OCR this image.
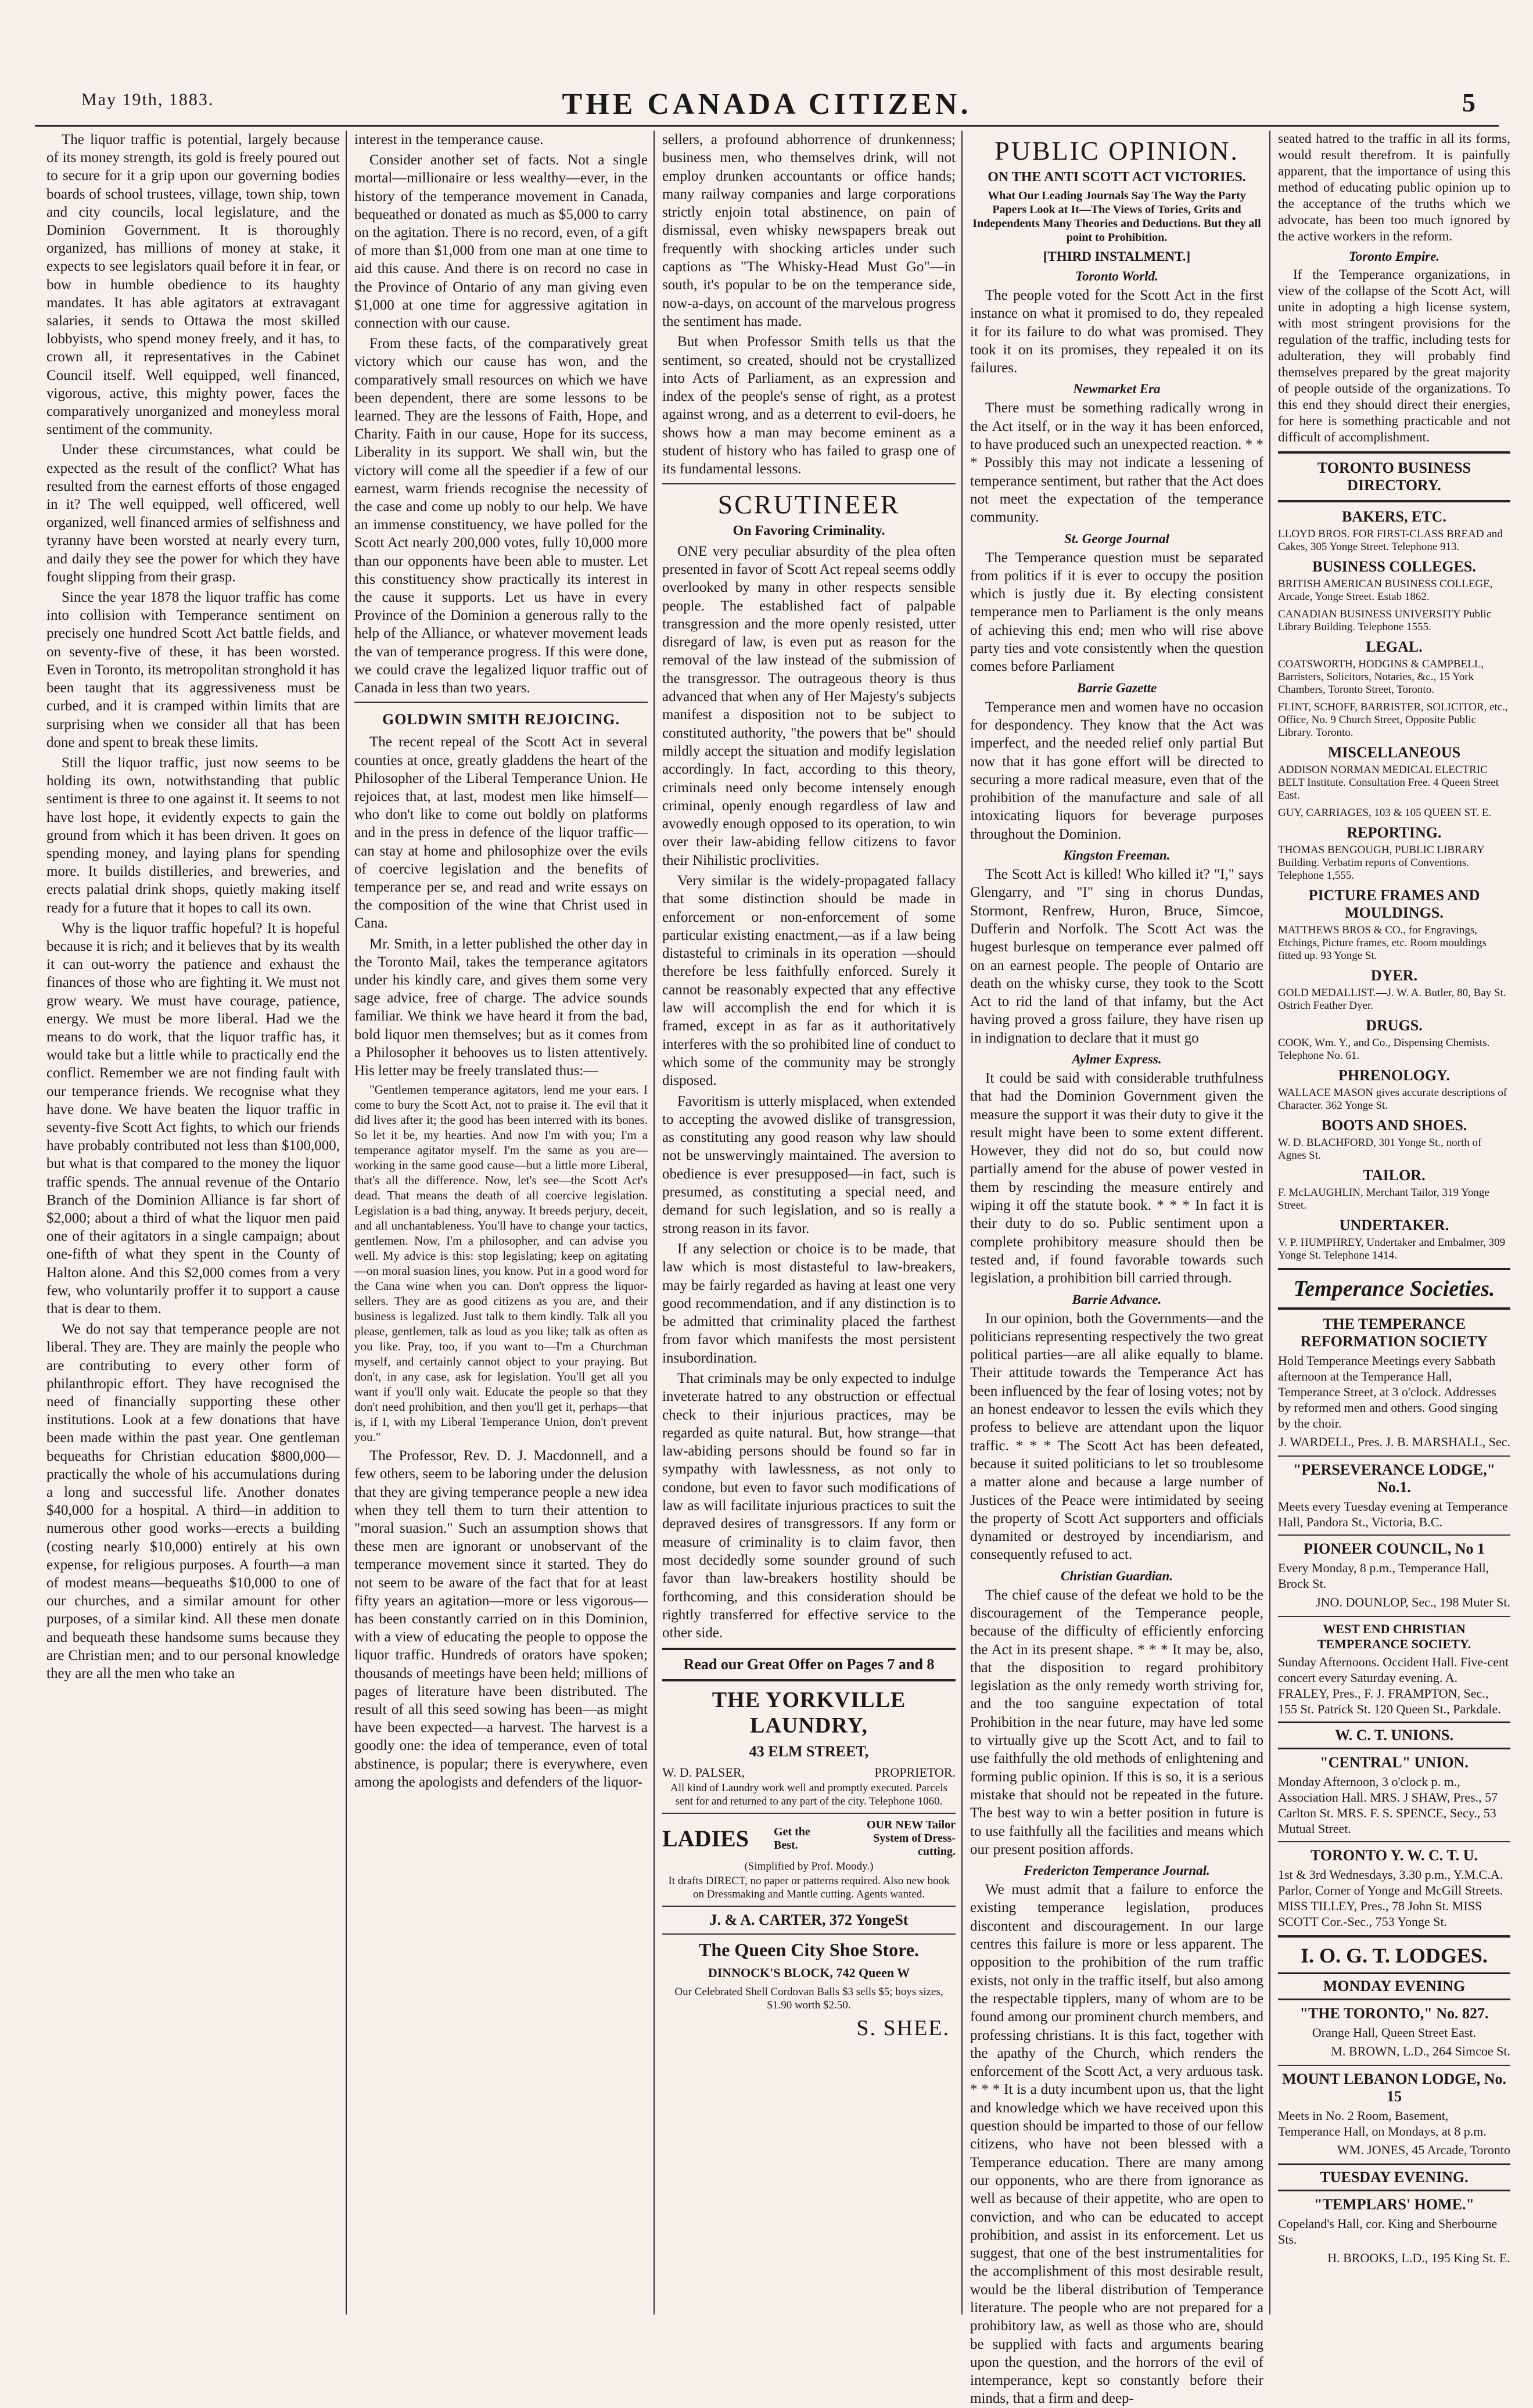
May 19th, 1883.	THE CANADA CITIZEN.	5

The liquor traffic is potential, largely because of its money strength, its gold is freely poured out to secure for it a grip upon our governing bodies boards of school trustees, village, town ship, town and city councils, local legislature, and the Dominion Government. It is thoroughly organized, has millions of money at stake, it expects to see legislators quail before it in fear, or bow in humble obedience to its haughty mandates. It has able agitators at extravagant salaries, it sends to Ottawa the most skilled lobbyists, who spend money freely, and it has, to crown all, it representatives in the Cabinet Council itself. Well equipped, well financed, vigorous, active, this mighty power, faces the comparatively unorganized and moneyless moral sentiment of the community.

Under these circumstances, what could be expected as the result of the conflict? What has resulted from the earnest efforts of those engaged in it? The well equipped, well officered, well organized, well financed armies of selfishness and tyranny have been worsted at nearly every turn, and daily they see the power for which they have fought slipping from their grasp.

Since the year 1878 the liquor traffic has come into collision with Temperance sentiment on precisely one hundred Scott Act battle fields, and on seventy-five of these, it has been worsted. Even in Toronto, its metropolitan stronghold it has been taught that its aggressiveness must be curbed, and it is cramped within limits that are surprising when we consider all that has been done and spent to break these limits.

Still the liquor traffic, just now seems to be holding its own, notwithstanding that public sentiment is three to one against it. It seems to not have lost hope, it evidently expects to gain the ground from which it has been driven. It goes on spending money, and laying plans for spending more. It builds distilleries, and breweries, and erects palatial drink shops, quietly making itself ready for a future that it hopes to call its own.

Why is the liquor traffic hopeful? It is hopeful because it is rich; and it believes that by its wealth it can out-worry the patience and exhaust the finances of those who are fighting it. We must not grow weary. We must have courage, patience, energy. We must be more liberal. Had we the means to do work, that the liquor traffic has, it would take but a little while to practically end the conflict. Remember we are not finding fault with our temperance friends. We recognise what they have done. We have beaten the liquor traffic in seventy-five Scott Act fights, to which our friends have probably contributed not less than $100,000, but what is that compared to the money the liquor traffic spends. The annual revenue of the Ontario Branch of the Dominion Alliance is far short of $2,000; about a third of what the liquor men paid one of their agitators in a single campaign; about one-fifth of what they spent in the County of Halton alone. And this $2,000 comes from a very few, who voluntarily proffer it to support a cause that is dear to them.

We do not say that temperance people are not liberal. They are. They are mainly the people who are contributing to every other form of philanthropic effort. They have recognised the need of financially supporting these other institutions. Look at a few donations that have been made within the past year. One gentleman bequeaths for Christian education $800,000—practically the whole of his accumulations during a long and successful life. Another donates $40,000 for a hospital. A third—in addition to numerous other good works—erects a building (costing nearly $10,000) entirely at his own expense, for religious purposes. A fourth—a man of modest means—bequeaths $10,000 to one of our churches, and a similar amount for other purposes, of a similar kind. All these men donate and bequeath these handsome sums because they are Christian men; and to our personal knowledge they are all the men who take an

interest in the temperance cause.

Consider another set of facts. Not a single mortal—millionaire or less wealthy—ever, in the history of the temperance movement in Canada, bequeathed or donated as much as $5,000 to carry on the agitation. There is no record, even, of a gift of more than $1,000 from one man at one time to aid this cause. And there is on record no case in the Province of Ontario of any man giving even $1,000 at one time for aggressive agitation in connection with our cause.

From these facts, of the comparatively great victory which our cause has won, and the comparatively small resources on which we have been dependent, there are some lessons to be learned. They are the lessons of Faith, Hope, and Charity. Faith in our cause, Hope for its success, Liberality in its support. We shall win, but the victory will come all the speedier if a few of our earnest, warm friends recognise the necessity of the case and come up nobly to our help. We have an immense constituency, we have polled for the Scott Act nearly 200,000 votes, fully 10,000 more than our opponents have been able to muster. Let this constituency show practically its interest in the cause it supports. Let us have in every Province of the Dominion a generous rally to the help of the Alliance, or whatever movement leads the van of temperance progress. If this were done, we could crave the legalized liquor traffic out of Canada in less than two years.

GOLDWIN SMITH REJOICING.

The recent repeal of the Scott Act in several counties at once, greatly gladdens the heart of the Philosopher of the Liberal Temperance Union. He rejoices that, at last, modest men like himself—who don't like to come out boldly on platforms and in the press in defence of the liquor traffic—can stay at home and philosophize over the evils of coercive legislation and the benefits of temperance per se, and read and write essays on the composition of the wine that Christ used in Cana.

Mr. Smith, in a letter published the other day in the Toronto Mail, takes the temperance agitators under his kindly care, and gives them some very sage advice, free of charge. The advice sounds familiar. We think we have heard it from the bad, bold liquor men themselves; but as it comes from a Philosopher it behooves us to listen attentively. His letter may be freely translated thus:—

"Gentlemen temperance agitators, lend me your ears. I come to bury the Scott Act, not to praise it. The evil that it did lives after it; the good has been interred with its bones. So let it be, my hearties. And now I'm with you; I'm a temperance agitator myself. I'm the same as you are—working in the same good cause—but a little more Liberal, that's all the difference. Now, let's see—the Scott Act's dead. That means the death of all coercive legislation. Legislation is a bad thing, anyway. It breeds perjury, deceit, and all unchantableness. You'll have to change your tactics, gentlemen. Now, I'm a philosopher, and can advise you well. My advice is this: stop legislating; keep on agitating—on moral suasion lines, you know. Put in a good word for the Cana wine when you can. Don't oppress the liquor-sellers. They are as good citizens as you are, and their business is legalized. Just talk to them kindly. Talk all you please, gentlemen, talk as loud as you like; talk as often as you like. Pray, too, if you want to—I'm a Churchman myself, and certainly cannot object to your praying. But don't, in any case, ask for legislation. You'll get all you want if you'll only wait. Educate the people so that they don't need prohibition, and then you'll get it, perhaps—that is, if I, with my Liberal Temperance Union, don't prevent you."

The Professor, Rev. D. J. Macdonnell, and a few others, seem to be laboring under the delusion that they are giving temperance people a new idea when they tell them to turn their attention to "moral suasion." Such an assumption shows that these men are ignorant or unobservant of the temperance movement since it started. They do not seem to be aware of the fact that for at least fifty years an agitation—more or less vigorous—has been constantly carried on in this Dominion, with a view of educating the people to oppose the liquor traffic. Hundreds of orators have spoken; thousands of meetings have been held; millions of pages of literature have been distributed. The result of all this seed sowing has been—as might have been expected—a harvest. The harvest is a goodly one: the idea of temperance, even of total abstinence, is popular; there is everywhere, even among the apologists and defenders of the liquor-

sellers, a profound abhorrence of drunkenness; business men, who themselves drink, will not employ drunken accountants or office hands; many railway companies and large corporations strictly enjoin total abstinence, on pain of dismissal, even whisky newspapers break out frequently with shocking articles under such captions as "The Whisky-Head Must Go"—in south, it's popular to be on the temperance side, now-a-days, on account of the marvelous progress the sentiment has made.

But when Professor Smith tells us that the sentiment, so created, should not be crystallized into Acts of Parliament, as an expression and index of the people's sense of right, as a protest against wrong, and as a deterrent to evil-doers, he shows how a man may become eminent as a student of history who has failed to grasp one of its fundamental lessons.

SCRUTINEER
On Favoring Criminality.

ONE very peculiar absurdity of the plea often presented in favor of Scott Act repeal seems oddly overlooked by many in other respects sensible people. The established fact of palpable transgression and the more openly resisted, utter disregard of law, is even put as reason for the removal of the law instead of the submission of the transgressor. The outrageous theory is thus advanced that when any of Her Majesty's subjects manifest a disposition not to be subject to constituted authority, "the powers that be" should mildly accept the situation and modify legislation accordingly. In fact, according to this theory, criminals need only become intensely enough criminal, openly enough regardless of law and avowedly enough opposed to its operation, to win over their law-abiding fellow citizens to favor their Nihilistic proclivities.

Very similar is the widely-propagated fallacy that some distinction should be made in enforcement or non-enforcement of some particular existing enactment,—as if a law being distasteful to criminals in its operation —should therefore be less faithfully enforced. Surely it cannot be reasonably expected that any effective law will accomplish the end for which it is framed, except in as far as it authoritatively interferes with the so prohibited line of conduct to which some of the community may be strongly disposed.

Favoritism is utterly misplaced, when extended to accepting the avowed dislike of transgression, as constituting any good reason why law should not be unswervingly maintained. The aversion to obedience is ever presupposed—in fact, such is presumed, as constituting a special need, and demand for such legislation, and so is really a strong reason in its favor.

If any selection or choice is to be made, that law which is most distasteful to law-breakers, may be fairly regarded as having at least one very good recommendation, and if any distinction is to be admitted that criminality placed the farthest from favor which manifests the most persistent insubordination.

That criminals may be only expected to indulge inveterate hatred to any obstruction or effectual check to their injurious practices, may be regarded as quite natural. But, how strange—that law-abiding persons should be found so far in sympathy with lawlessness, as not only to condone, but even to favor such modifications of law as will facilitate injurious practices to suit the depraved desires of transgressors. If any form or measure of criminality is to claim favor, then most decidedly some sounder ground of such favor than law-breakers hostility should be forthcoming, and this consideration should be rightly transferred for effective service to the other side.

Read our Great Offer on Pages 7 and 8
THE YORKVILLE LAUNDRY,
43 ELM STREET,
W. D. PALSER,	PROPRIETOR.
All kind of Laundry work well and promptly executed. Parcels sent for and returned to any part of the city. Telephone 1060.
LADIES Get the Best.
OUR NEW Tailor System of Dress-cutting.
(Simplified by Prof. Moody.)
It drafts DIRECT, no paper or patterns required. Also new book on Dressmaking and Mantle cutting. Agents wanted.
J. & A. CARTER, 372 YongeSt
The Queen City Shoe Store.
DINNOCK'S BLOCK, 742 Queen W
Our Celebrated Shell Cordovan Balls $3 sells $5; boys sizes, $1.90 worth $2.50.
S. SHEE.
PUBLIC OPINION.
ON THE ANTI SCOTT ACT VICTORIES.
What Our Leading Journals Say The Way the Party Papers Look at It—The Views of Tories, Grits and Independents Many Theories and Deductions. But they all point to Prohibition.
[THIRD INSTALMENT.]
Toronto World.

The people voted for the Scott Act in the first instance on what it promised to do, they repealed it for its failure to do what was promised. They took it on its promises, they repealed it on its failures.

Newmarket Era

There must be something radically wrong in the Act itself, or in the way it has been enforced, to have produced such an unexpected reaction. * * * Possibly this may not indicate a lessening of temperance sentiment, but rather that the Act does not meet the expectation of the temperance community.

St. George Journal

The Temperance question must be separated from politics if it is ever to occupy the position which is justly due it. By electing consistent temperance men to Parliament is the only means of achieving this end; men who will rise above party ties and vote consistently when the question comes before Parliament

Barrie Gazette

Temperance men and women have no occasion for despondency. They know that the Act was imperfect, and the needed relief only partial But now that it has gone effort will be directed to securing a more radical measure, even that of the prohibition of the manufacture and sale of all intoxicating liquors for beverage purposes throughout the Dominion.

Kingston Freeman.

The Scott Act is killed! Who killed it? "I," says Glengarry, and "I" sing in chorus Dundas, Stormont, Renfrew, Huron, Bruce, Simcoe, Dufferin and Norfolk. The Scott Act was the hugest burlesque on temperance ever palmed off on an earnest people. The people of Ontario are death on the whisky curse, they took to the Scott Act to rid the land of that infamy, but the Act having proved a gross failure, they have risen up in indignation to declare that it must go

Aylmer Express.

It could be said with considerable truthfulness that had the Dominion Government given the measure the support it was their duty to give it the result might have been to some extent different. However, they did not do so, but could now partially amend for the abuse of power vested in them by rescinding the measure entirely and wiping it off the statute book. * * * In fact it is their duty to do so. Public sentiment upon a complete prohibitory measure should then be tested and, if found favorable towards such legislation, a prohibition bill carried through.

Barrie Advance.

In our opinion, both the Governments—and the politicians representing respectively the two great political parties—are all alike equally to blame. Their attitude towards the Temperance Act has been influenced by the fear of losing votes; not by an honest endeavor to lessen the evils which they profess to believe are attendant upon the liquor traffic. * * * The Scott Act has been defeated, because it suited politicians to let so troublesome a matter alone and because a large number of Justices of the Peace were intimidated by seeing the property of Scott Act supporters and officials dynamited or destroyed by incendiarism, and consequently refused to act.

Christian Guardian.

The chief cause of the defeat we hold to be the discouragement of the Temperance people, because of the difficulty of efficiently enforcing the Act in its present shape. * * * It may be, also, that the disposition to regard prohibitory legislation as the only remedy worth striving for, and the too sanguine expectation of total Prohibition in the near future, may have led some to virtually give up the Scott Act, and to fail to use faithfully the old methods of enlightening and forming public opinion. If this is so, it is a serious mistake that should not be repeated in the future. The best way to win a better position in future is to use faithfully all the facilities and means which our present position affords.

Fredericton Temperance Journal.

We must admit that a failure to enforce the existing temperance legislation, produces discontent and discouragement. In our large centres this failure is more or less apparent. The opposition to the prohibition of the rum traffic exists, not only in the traffic itself, but also among the respectable tipplers, many of whom are to be found among our prominent church members, and professing christians. It is this fact, together with the apathy of the Church, which renders the enforcement of the Scott Act, a very arduous task. * * * It is a duty incumbent upon us, that the light and knowledge which we have received upon this question should be imparted to those of our fellow citizens, who have not been blessed with a Temperance education. There are many among our opponents, who are there from ignorance as well as because of their appetite, who are open to conviction, and who can be educated to accept prohibition, and assist in its enforcement. Let us suggest, that one of the best instrumentalities for the accomplishment of this most desirable result, would be the liberal distribution of Temperance literature. The people who are not prepared for a prohibitory law, as well as those who are, should be supplied with facts and arguments bearing upon the question, and the horrors of the evil of intemperance, kept so constantly before their minds, that a firm and deep-

seated hatred to the traffic in all its forms, would result therefrom. It is painfully apparent, that the importance of using this method of educating public opinion up to the acceptance of the truths which we advocate, has been too much ignored by the active workers in the reform.

Toronto Empire.

If the Temperance organizations, in view of the collapse of the Scott Act, will unite in adopting a high license system, with most stringent provisions for the regulation of the traffic, including tests for adulteration, they will probably find themselves prepared by the great majority of people outside of the organizations. To this end they should direct their energies, for here is something practicable and not difficult of accomplishment.

TORONTO BUSINESS DIRECTORY.
BAKERS, ETC.
LLOYD BROS. FOR FIRST-CLASS BREAD and Cakes, 305 Yonge Street. Telephone 913.
BUSINESS COLLEGES.
BRITISH AMERICAN BUSINESS COLLEGE, Arcade, Yonge Street. Estab 1862.
CANADIAN BUSINESS UNIVERSITY Public Library Building. Telephone 1555.
LEGAL.
COATSWORTH, HODGINS & CAMPBELL, Barristers, Solicitors, Notaries, &c., 15 York Chambers, Toronto Street, Toronto.
FLINT, SCHOFF, BARRISTER, SOLICITOR, etc., Office, No. 9 Church Street, Opposite Public Library. Toronto.
MISCELLANEOUS
ADDISON NORMAN MEDICAL ELECTRIC BELT Institute. Consultation Free. 4 Queen Street East.
GUY, CARRIAGES, 103 & 105 QUEEN ST. E.
REPORTING.
THOMAS BENGOUGH, PUBLIC LIBRARY Building. Verbatim reports of Conventions. Telephone 1,555.
PICTURE FRAMES AND MOULDINGS.
MATTHEWS BROS & CO., for Engravings, Etchings, Picture frames, etc. Room mouldings fitted up. 93 Yonge St.
DYER.
GOLD MEDALLIST.—J. W. A. Butler, 80, Bay St. Ostrich Feather Dyer.
DRUGS.
COOK, Wm. Y., and Co., Dispensing Chemists. Telephone No. 61.
PHRENOLOGY.
WALLACE MASON gives accurate descriptions of Character. 362 Yonge St.
BOOTS AND SHOES.
W. D. BLACHFORD, 301 Yonge St., north of Agnes St.
TAILOR.
F. McLAUGHLIN, Merchant Tailor, 319 Yonge Street.
UNDERTAKER.
V. P. HUMPHREY, Undertaker and Embalmer, 309 Yonge St. Telephone 1414.
Temperance Societies.
THE TEMPERANCE REFORMATION SOCIETY
Hold Temperance Meetings every Sabbath afternoon at the Temperance Hall, Temperance Street, at 3 o'clock. Addresses by reformed men and others. Good singing by the choir.
J. WARDELL, Pres. J. B. MARSHALL, Sec.
"PERSEVERANCE LODGE," No.1.
Meets every Tuesday evening at Temperance Hall, Pandora St., Victoria, B.C.
PIONEER COUNCIL, No 1
Every Monday, 8 p.m., Temperance Hall, Brock St.
JNO. DOUNLOP, Sec., 198 Muter St.
WEST END CHRISTIAN TEMPERANCE SOCIETY.
Sunday Afternoons. Occident Hall. Five-cent concert every Saturday evening. A. FRALEY, Pres., F. J. FRAMPTON, Sec., 155 St. Patrick St. 120 Queen St., Parkdale.
W. C. T. UNIONS.
"CENTRAL" UNION.
Monday Afternoon, 3 o'clock p. m., Association Hall. MRS. J SHAW, Pres., 57 Carlton St. MRS. F. S. SPENCE, Secy., 53 Mutual Street.
TORONTO Y. W. C. T. U.
1st & 3rd Wednesdays, 3.30 p.m., Y.M.C.A. Parlor, Corner of Yonge and McGill Streets. MISS TILLEY, Pres., 78 John St. MISS SCOTT Cor.-Sec., 753 Yonge St.
I. O. G. T. LODGES.
MONDAY EVENING
"THE TORONTO," No. 827.
Orange Hall, Queen Street East.
M. BROWN, L.D., 264 Simcoe St.
MOUNT LEBANON LODGE, No. 15
Meets in No. 2 Room, Basement, Temperance Hall, on Mondays, at 8 p.m.
WM. JONES, 45 Arcade, Toronto
TUESDAY EVENING.
"TEMPLARS' HOME."
Copeland's Hall, cor. King and Sherbourne Sts.
H. BROOKS, L.D., 195 King St. E.
